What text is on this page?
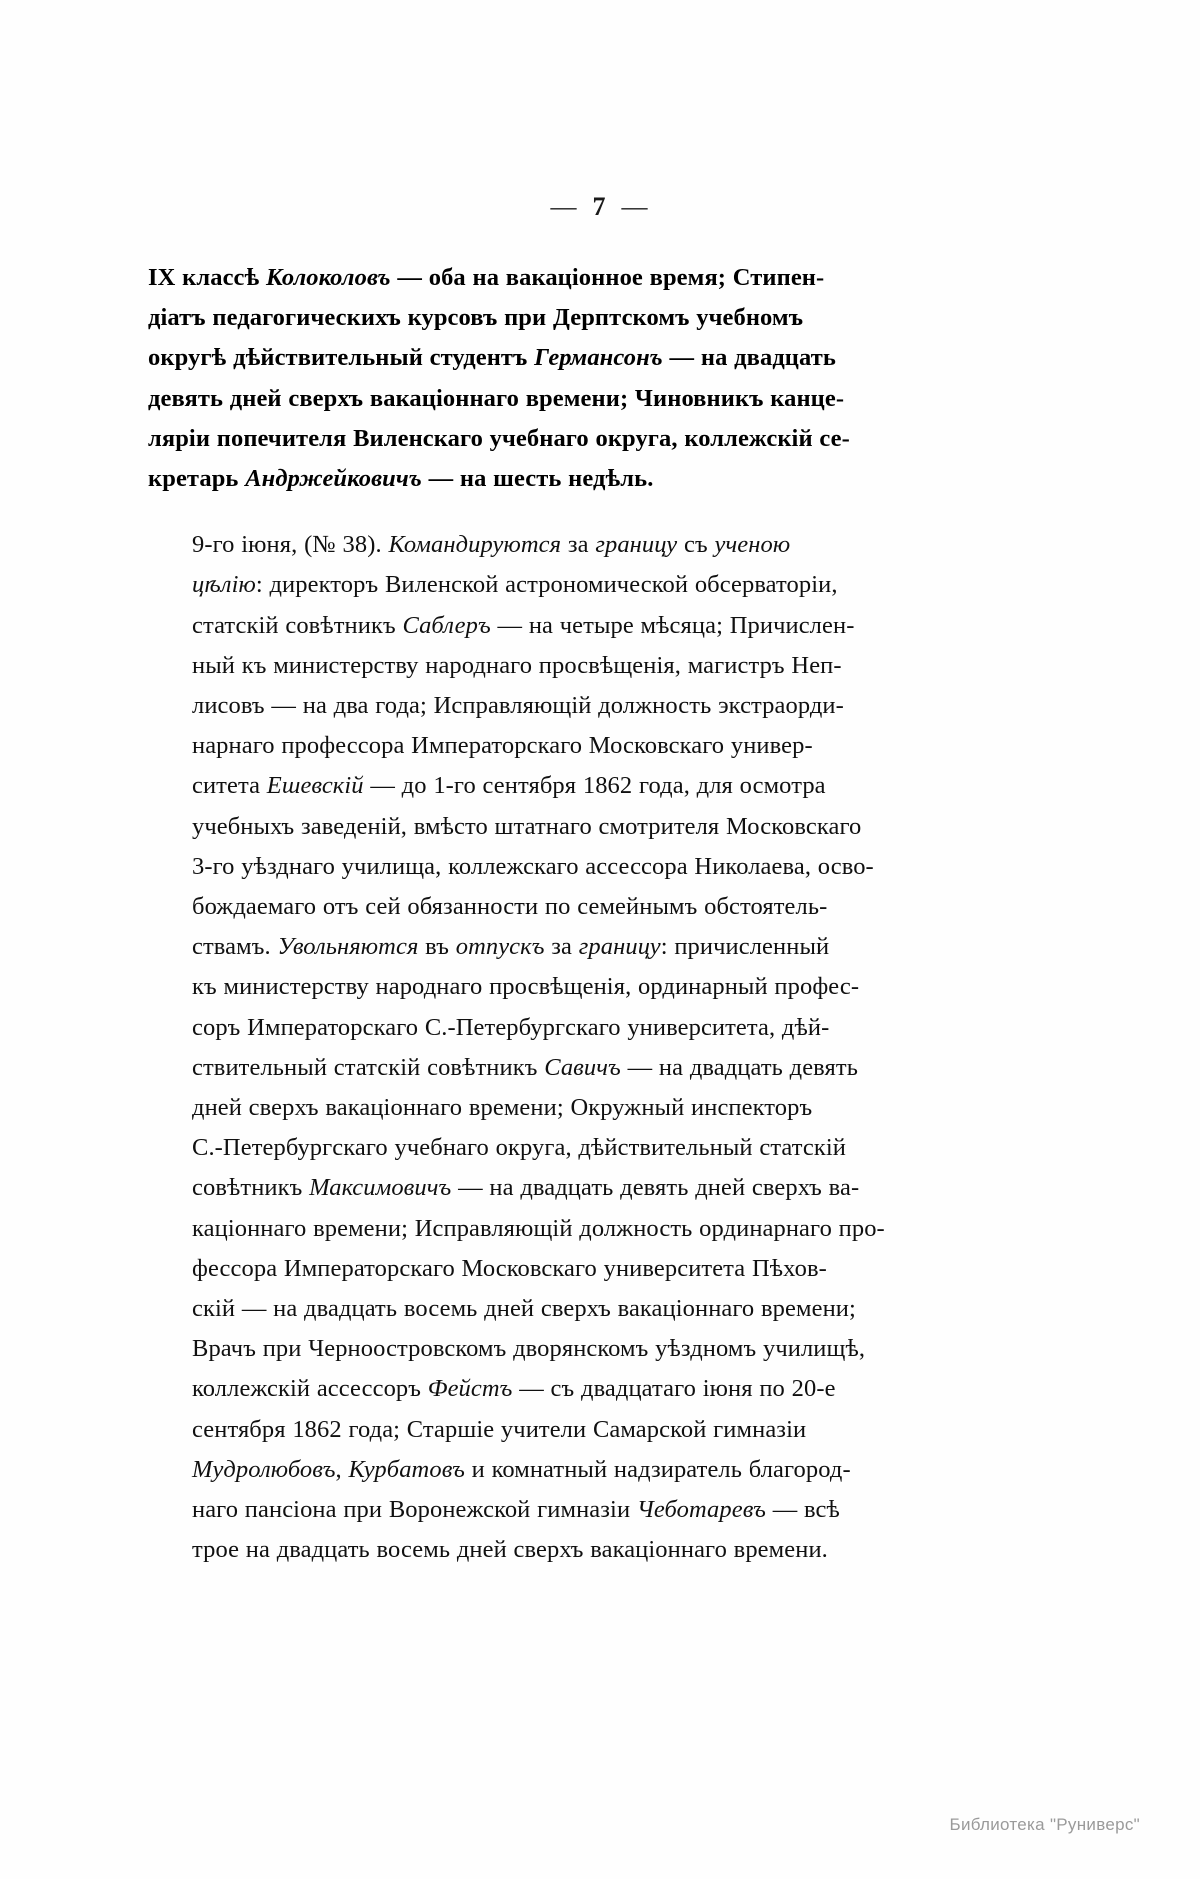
— 7 —

IX классѣ Колоколовъ — оба на вакаціонное время; Стипен-
діатъ педагогическихъ курсовъ при Дерптскомъ учебномъ
округѣ дѣйствительный студентъ Германсонъ — на двадцать
девять дней сверхъ вакаціоннаго времени; Чиновникъ канце-
ляріи попечителя Виленскаго учебнаго округа, коллежскій се-
кретарь Андржейковичъ — на шесть недѣль.

9-го іюня, (№ 38). Командируются за границу съ ученою
цѣлію: директоръ Виленской астрономической обсерваторіи,
статскій совѣтникъ Саблеръ — на четыре мѣсяца; Причислен-
ный къ министерству народнаго просвѣщенія, магистръ Неп-
лисовъ — на два года; Исправляющій должность экстраорди-
нарнаго профессора Императорскаго Московскаго универ-
ситета Ешевскій — до 1-го сентября 1862 года, для осмотра
учебныхъ заведеній, вмѣсто штатнаго смотрителя Московскаго
3-го уѣзднаго училища, коллежскаго ассессора Николаева, осво-
бождаемаго отъ сей обязанности по семейнымъ обстоятель-
ствамъ. Увольняются въ отпускъ за границу: причисленный
къ министерству народнаго просвѣщенія, ординарный профес-
соръ Императорскаго С.-Петербургскаго университета, дѣй-
ствительный статскій совѣтникъ Савичъ — на двадцать девять
дней сверхъ вакаціоннаго времени; Окружный инспекторъ
С.-Петербургскаго учебнаго округа, дѣйствительный статскій
совѣтникъ Максимовичъ — на двадцать девять дней сверхъ ва-
каціоннаго времени; Исправляющій должность ординарнаго про-
фессора Императорскаго Московскаго университета Пѣхов-
скій — на двадцать восемь дней сверхъ вакаціоннаго времени;
Врачъ при Черноостровскомъ дворянскомъ уѣздномъ училищѣ,
коллежскій ассессоръ Фейстъ — съ двадцатаго іюня по 20-е
сентября 1862 года; Старшіе учители Самарской гимназіи
Мудролюбовъ, Курбатовъ и комнатный надзиратель благород-
наго пансіона при Воронежской гимназіи Чеботаревъ — всѣ
трое на двадцать восемь дней сверхъ вакаціоннаго времени.

Библиотека "Руниверс"
